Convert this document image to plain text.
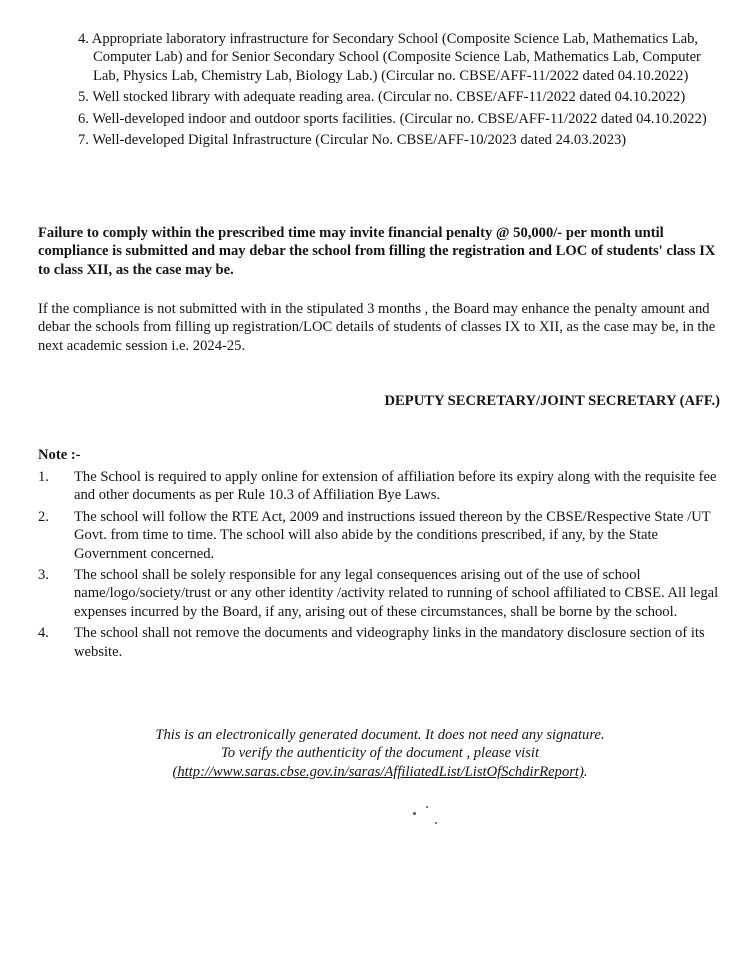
4. Appropriate laboratory infrastructure for Secondary School (Composite Science Lab, Mathematics Lab, Computer Lab) and for Senior Secondary School (Composite Science Lab, Mathematics Lab, Computer Lab, Physics Lab, Chemistry Lab, Biology Lab.) (Circular no. CBSE/AFF-11/2022 dated 04.10.2022)
5. Well stocked library with adequate reading area. (Circular no. CBSE/AFF-11/2022 dated 04.10.2022)
6. Well-developed indoor and outdoor sports facilities. (Circular no. CBSE/AFF-11/2022 dated 04.10.2022)
7. Well-developed Digital Infrastructure (Circular No. CBSE/AFF-10/2023 dated 24.03.2023)

Failure to comply within the prescribed time may invite financial penalty @ 50,000/- per month until compliance is submitted and may debar the school from filling the registration and LOC of students' class IX to class XII, as the case may be.

If the compliance is not submitted with in the stipulated 3 months , the Board may enhance the penalty amount and debar the schools from filling up registration/LOC details of students of classes IX to XII, as the case may be, in the next academic session i.e. 2024-25.

DEPUTY SECRETARY/JOINT SECRETARY (AFF.)

Note :-

1.	The School is required to apply online for extension of affiliation before its expiry along with the requisite fee and other documents as per Rule 10.3 of Affiliation Bye Laws.
2.	The school will follow the RTE Act, 2009 and instructions issued thereon by the CBSE/Respective State /UT Govt. from time to time. The school will also abide by the conditions prescribed, if any, by the State Government concerned.
3.	The school shall be solely responsible for any legal consequences arising out of the use of school name/logo/society/trust or any other identity /activity related to running of school affiliated to CBSE. All legal expenses incurred by the Board, if any, arising out of these circumstances, shall be borne by the school.
4.	The school shall not remove the documents and videography links in the mandatory disclosure section of its website.
This is an electronically generated document. It does not need any signature.
To verify the authenticity of the document , please visit
(http://www.saras.cbse.gov.in/saras/AffiliatedList/ListOfSchdirReport).
